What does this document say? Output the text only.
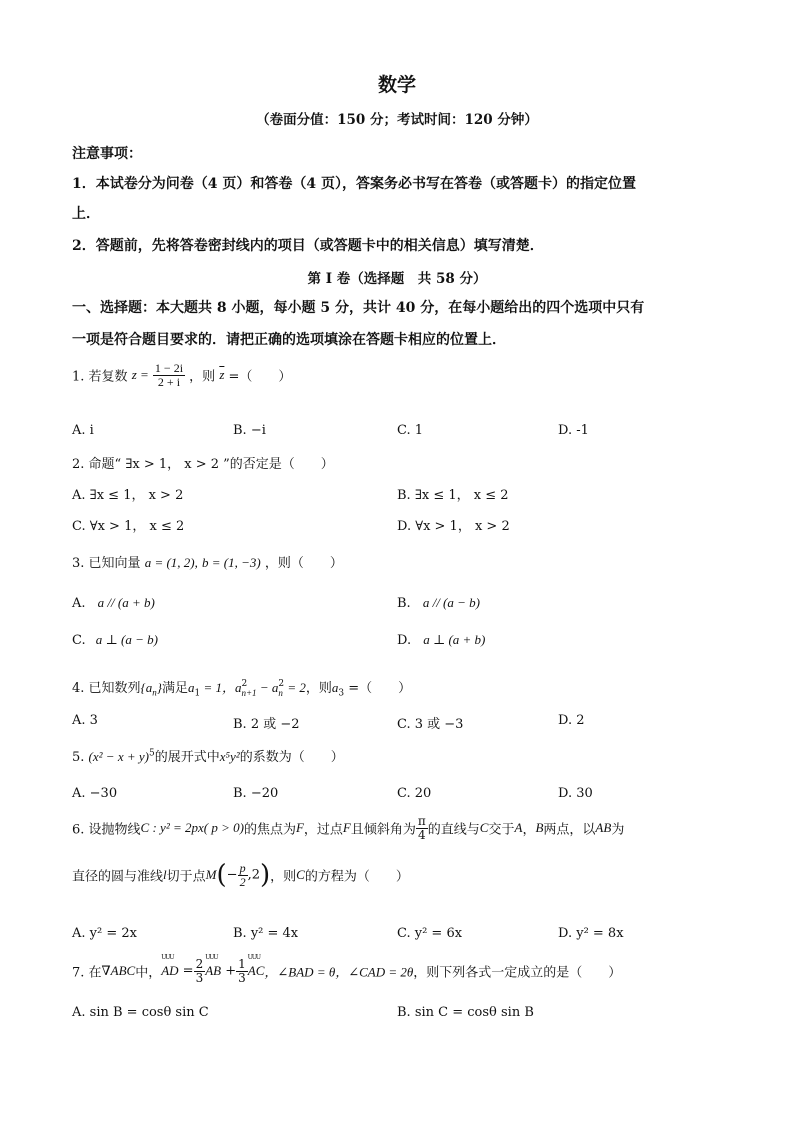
数学
（卷面分值：150 分；考试时间：120 分钟）
注意事项：
1．本试卷分为问卷（4 页）和答卷（4 页），答案务必书写在答卷（或答题卡）的指定位置
上．
2．答题前，先将答卷密封线内的项目（或答题卡中的相关信息）填写清楚．
第 I 卷（选择题　共 58 分）
一、选择题：本大题共 8 小题，每小题 5 分，共计 40 分，在每小题给出的四个选项中只有
一项是符合题目要求的．请把正确的选项填涂在答题卡相应的位置上．
1. 若复数 $z = \frac{1 - 2i}{2 + i}$ ，则 $\overline{z}$ =（　　）
A. i	B. −i	C. 1	D. -1
2. 命题“ ∃x > 1， x > 2 ”的否定是（　　）
A. ∃x ≤ 1， x > 2	B. ∃x ≤ 1， x ≤ 2
C. ∀x > 1， x ≤ 2	D. ∀x > 1， x > 2
3. 已知向量 a = (1, 2), b = (1, −3) ，则（　　）
A. a // (a + b)	B. a // (a − b)
C. a ⊥ (a − b)	D. a ⊥ (a + b)
4. 已知数列$\{a_n\}$满足$a_1 = 1$，a 2
n+1 − a 2
n = 2，则$a_3$ =（　　）
A. 3	B. 2 或 −2	C. 3 或 −3	D. 2
5. $(x^2 - x + y)^5$的展开式中x⁵y²的系数为（　　）
A. −30	B. −20	C. 20	D. 30
6. 设抛物线C : y² = 2px( p > 0)的焦点为F，过点F且倾斜角为 $\frac{\pi}{4}$ 的直线与C交于A，B两点，以AB为
直径的圆与准线l切于点$M(- \frac{p}{2} ,2)$，则C的方程为（　　）
A. y² = 2x	B. y² = 4x	C. y² = 6x	D. y² = 8x
7. 在∇ABC中，UUU AD = $\frac{2}{3}$ UUU AB + $\frac{1}{3}$ UUU AC，∠BAD = θ，∠CAD = 2θ，则下列各式一定成立的是（　　）
A. sin B = cosθ sin C	B. sin C = cosθ sin B
